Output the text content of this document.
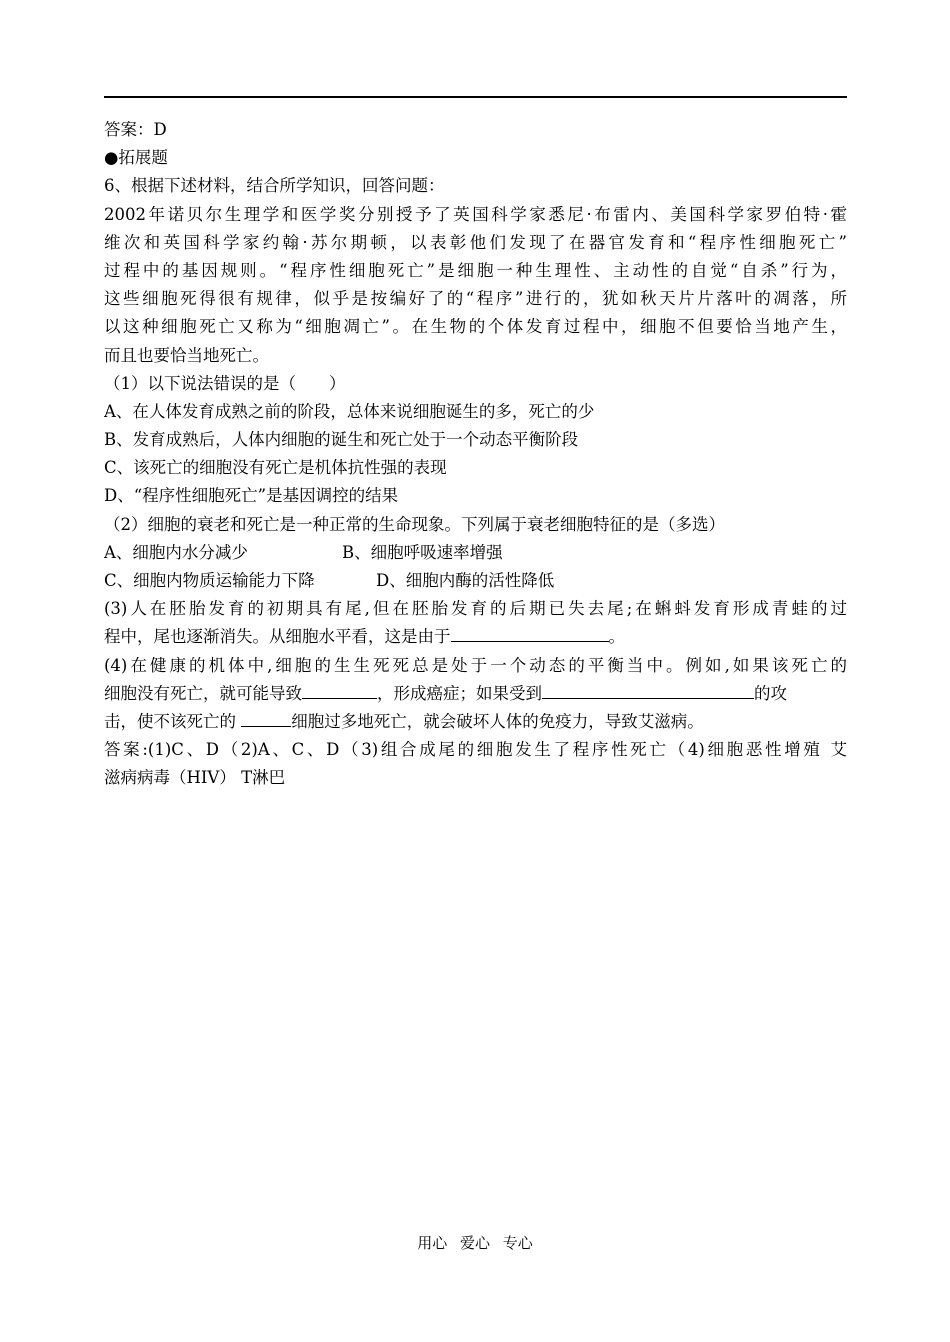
答案：D
●拓展题
6、根据下述材料，结合所学知识，回答问题：
2002年诺贝尔生理学和医学奖分别授予了英国科学家悉尼·布雷内、美国科学家罗伯特·霍
维次和英国科学家约翰·苏尔期顿，以表彰他们发现了在器官发育和“程序性细胞死亡”
过程中的基因规则。“程序性细胞死亡”是细胞一种生理性、主动性的自觉“自杀”行为，
这些细胞死得很有规律，似乎是按编好了的“程序”进行的，犹如秋天片片落叶的凋落，所
以这种细胞死亡又称为“细胞凋亡”。在生物的个体发育过程中，细胞不但要恰当地产生，
而且也要恰当地死亡。
（1）以下说法错误的是（　　）
A、在人体发育成熟之前的阶段，总体来说细胞诞生的多，死亡的少
B、发育成熟后，人体内细胞的诞生和死亡处于一个动态平衡阶段
C、该死亡的细胞没有死亡是机体抗性强的表现
D、“程序性细胞死亡”是基因调控的结果
（2）细胞的衰老和死亡是一种正常的生命现象。下列属于衰老细胞特征的是（多选）
A、细胞内水分减少	B、细胞呼吸速率增强
C、细胞内物质运输能力下降	D、细胞内酶的活性降低
(3)人在胚胎发育的初期具有尾,但在胚胎发育的后期已失去尾;在蝌蚪发育形成青蛙的过
程中，尾也逐渐消失。从细胞水平看，这是由于	。
(4)在健康的机体中,细胞的生生死死总是处于一个动态的平衡当中。例如,如果该死亡的
细胞没有死亡，就可能导致	，形成癌症；如果受到	的攻
击，使不该死亡的	细胞过多地死亡，就会破坏人体的免疫力，导致艾滋病。
答案:(1)C、D（2)A、C、D（3)组合成尾的细胞发生了程序性死亡（4)细胞恶性增殖 艾
滋病病毒（HIV） T淋巴
用心 爱心 专心
